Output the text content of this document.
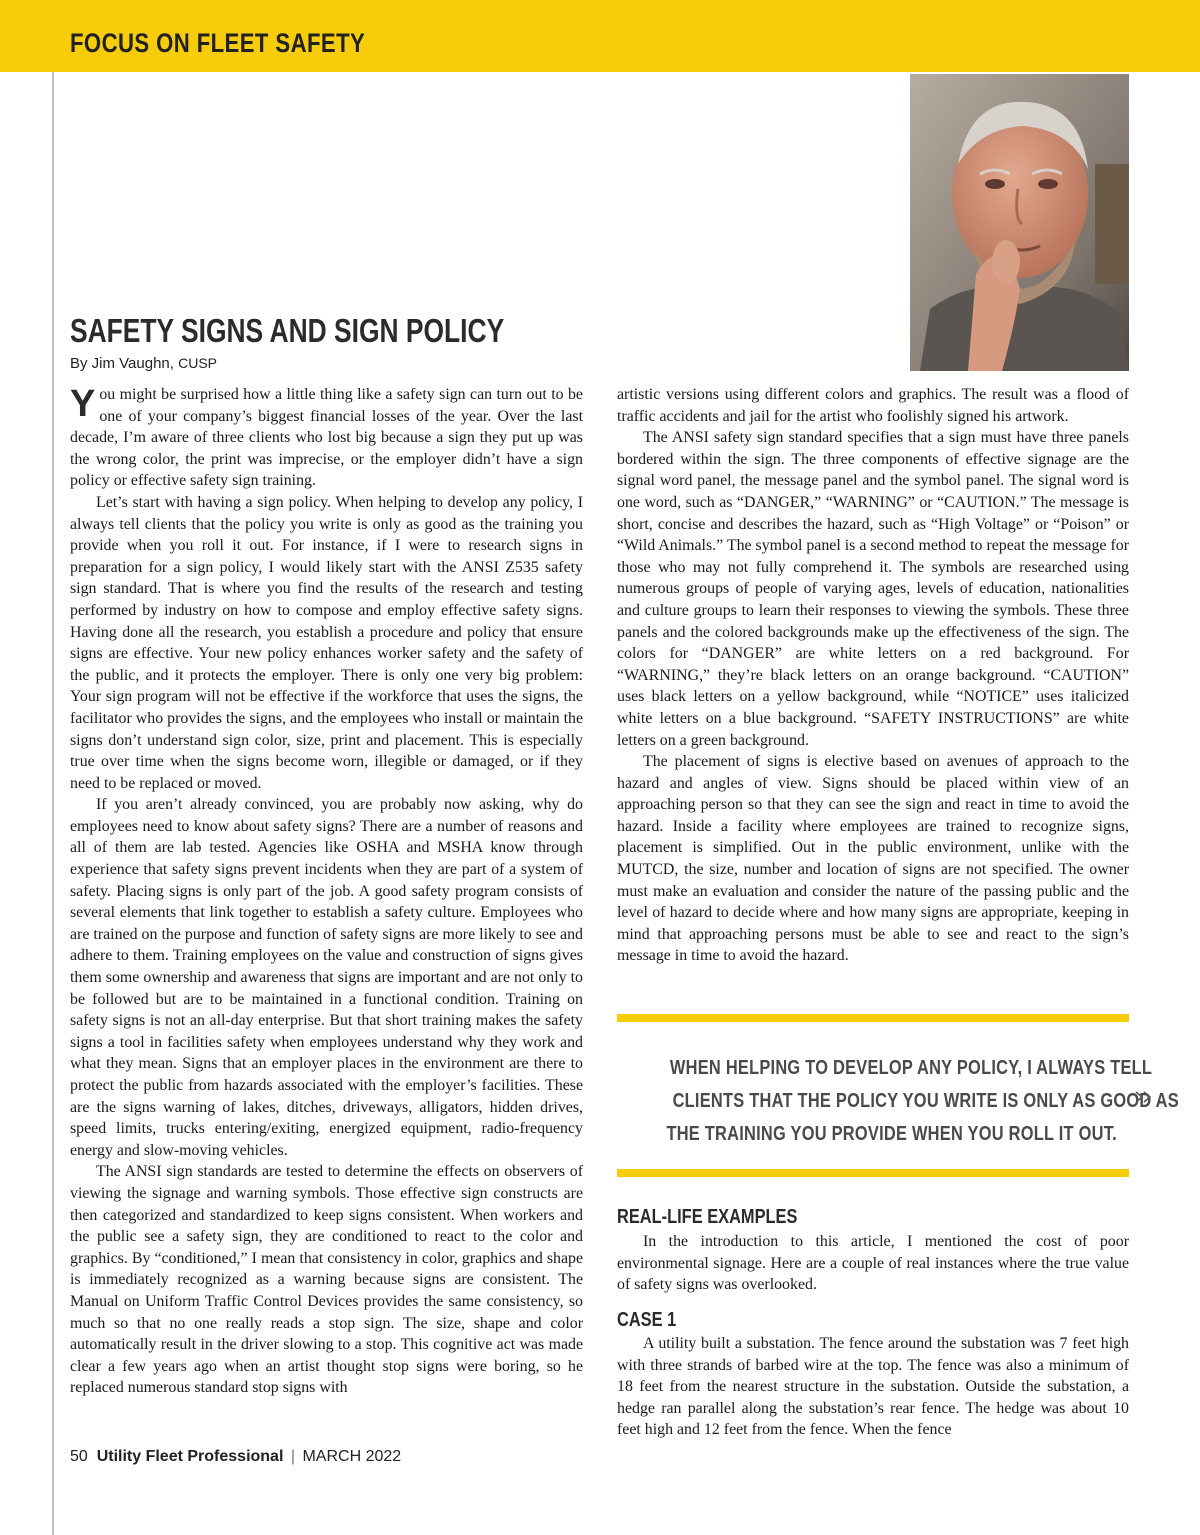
FOCUS ON FLEET SAFETY
SAFETY SIGNS AND SIGN POLICY
By Jim Vaughn, CUSP

You might be surprised how a little thing like a safety sign can turn out to be one of your company’s biggest financial losses of the year. Over the last decade, I’m aware of three clients who lost big because a sign they put up was the wrong color, the print was imprecise, or the employer didn’t have a sign policy or effective safety sign training.

Let’s start with having a sign policy. When helping to develop any policy, I always tell clients that the policy you write is only as good as the training you provide when you roll it out. For instance, if I were to research signs in preparation for a sign policy, I would likely start with the ANSI Z535 safety sign standard. That is where you find the results of the research and testing performed by industry on how to compose and employ effective safety signs. Having done all the research, you establish a procedure and policy that ensure signs are effective. Your new policy enhances worker safety and the safety of the public, and it protects the employer. There is only one very big problem: Your sign program will not be effective if the workforce that uses the signs, the facilitator who provides the signs, and the employees who install or maintain the signs don’t understand sign color, size, print and placement. This is especially true over time when the signs become worn, illegible or damaged, or if they need to be replaced or moved.

If you aren’t already convinced, you are probably now asking, why do employees need to know about safety signs? There are a number of reasons and all of them are lab tested. Agencies like OSHA and MSHA know through experience that safety signs prevent incidents when they are part of a system of safety. Placing signs is only part of the job. A good safety program consists of several elements that link together to establish a safety culture. Employees who are trained on the purpose and function of safety signs are more likely to see and adhere to them. Training employees on the value and construction of signs gives them some ownership and awareness that signs are important and are not only to be followed but are to be maintained in a functional condition. Training on safety signs is not an all-day enterprise. But that short training makes the safety signs a tool in facilities safety when employees understand why they work and what they mean. Signs that an employer places in the environment are there to protect the public from hazards associated with the employer’s facilities. These are the signs warning of lakes, ditches, driveways, alligators, hidden drives, speed limits, trucks entering/exiting, energized equipment, radio-frequency energy and slow-moving vehicles.

The ANSI sign standards are tested to determine the effects on observers of viewing the signage and warning symbols. Those effective sign constructs are then categorized and standardized to keep signs consistent. When workers and the public see a safety sign, they are conditioned to react to the color and graphics. By “conditioned,” I mean that consistency in color, graphics and shape is immediately recognized as a warning because signs are consistent. The Manual on Uniform Traffic Control Devices provides the same consistency, so much so that no one really reads a stop sign. The size, shape and color automatically result in the driver slowing to a stop. This cognitive act was made clear a few years ago when an artist thought stop signs were boring, so he replaced numerous standard stop signs with

artistic versions using different colors and graphics. The result was a flood of traffic accidents and jail for the artist who foolishly signed his artwork.

The ANSI safety sign standard specifies that a sign must have three panels bordered within the sign. The three components of effective signage are the signal word panel, the message panel and the symbol panel. The signal word is one word, such as “DANGER,” “WARNING” or “CAUTION.” The message is short, concise and describes the hazard, such as “High Voltage” or “Poison” or “Wild Animals.” The symbol panel is a second method to repeat the message for those who may not fully comprehend it. The symbols are researched using numerous groups of people of varying ages, levels of education, nationalities and culture groups to learn their responses to viewing the symbols. These three panels and the colored backgrounds make up the effectiveness of the sign. The colors for “DANGER” are white letters on a red background. For “WARNING,” they’re black letters on an orange background. “CAUTION” uses black letters on a yellow background, while “NOTICE” uses italicized white letters on a blue background. “SAFETY INSTRUCTIONS” are white letters on a green background.

The placement of signs is elective based on avenues of approach to the hazard and angles of view. Signs should be placed within view of an approaching person so that they can see the sign and react in time to avoid the hazard. Inside a facility where employees are trained to recognize signs, placement is simplified. Out in the public environment, unlike with the MUTCD, the size, number and location of signs are not specified. The owner must make an evaluation and consider the nature of the passing public and the level of hazard to decide where and how many signs are appropriate, keeping in mind that approaching persons must be able to see and react to the sign’s message in time to avoid the hazard.

WHEN HELPING TO DEVELOP ANY POLICY, I ALWAYS TELL
CLIENTS THAT THE POLICY YOU WRITE IS ONLY AS GOOD AS
THE TRAINING YOU PROVIDE WHEN YOU ROLL IT OUT.
REAL-LIFE EXAMPLES

In the introduction to this article, I mentioned the cost of poor environmental signage. Here are a couple of real instances where the true value of safety signs was overlooked.

CASE 1

A utility built a substation. The fence around the substation was 7 feet high with three strands of barbed wire at the top. The fence was also a minimum of 18 feet from the nearest structure in the substation. Outside the substation, a hedge ran parallel along the substation’s rear fence. The hedge was about 10 feet high and 12 feet from the fence. When the fence

50 Utility Fleet Professional | MARCH 2022
